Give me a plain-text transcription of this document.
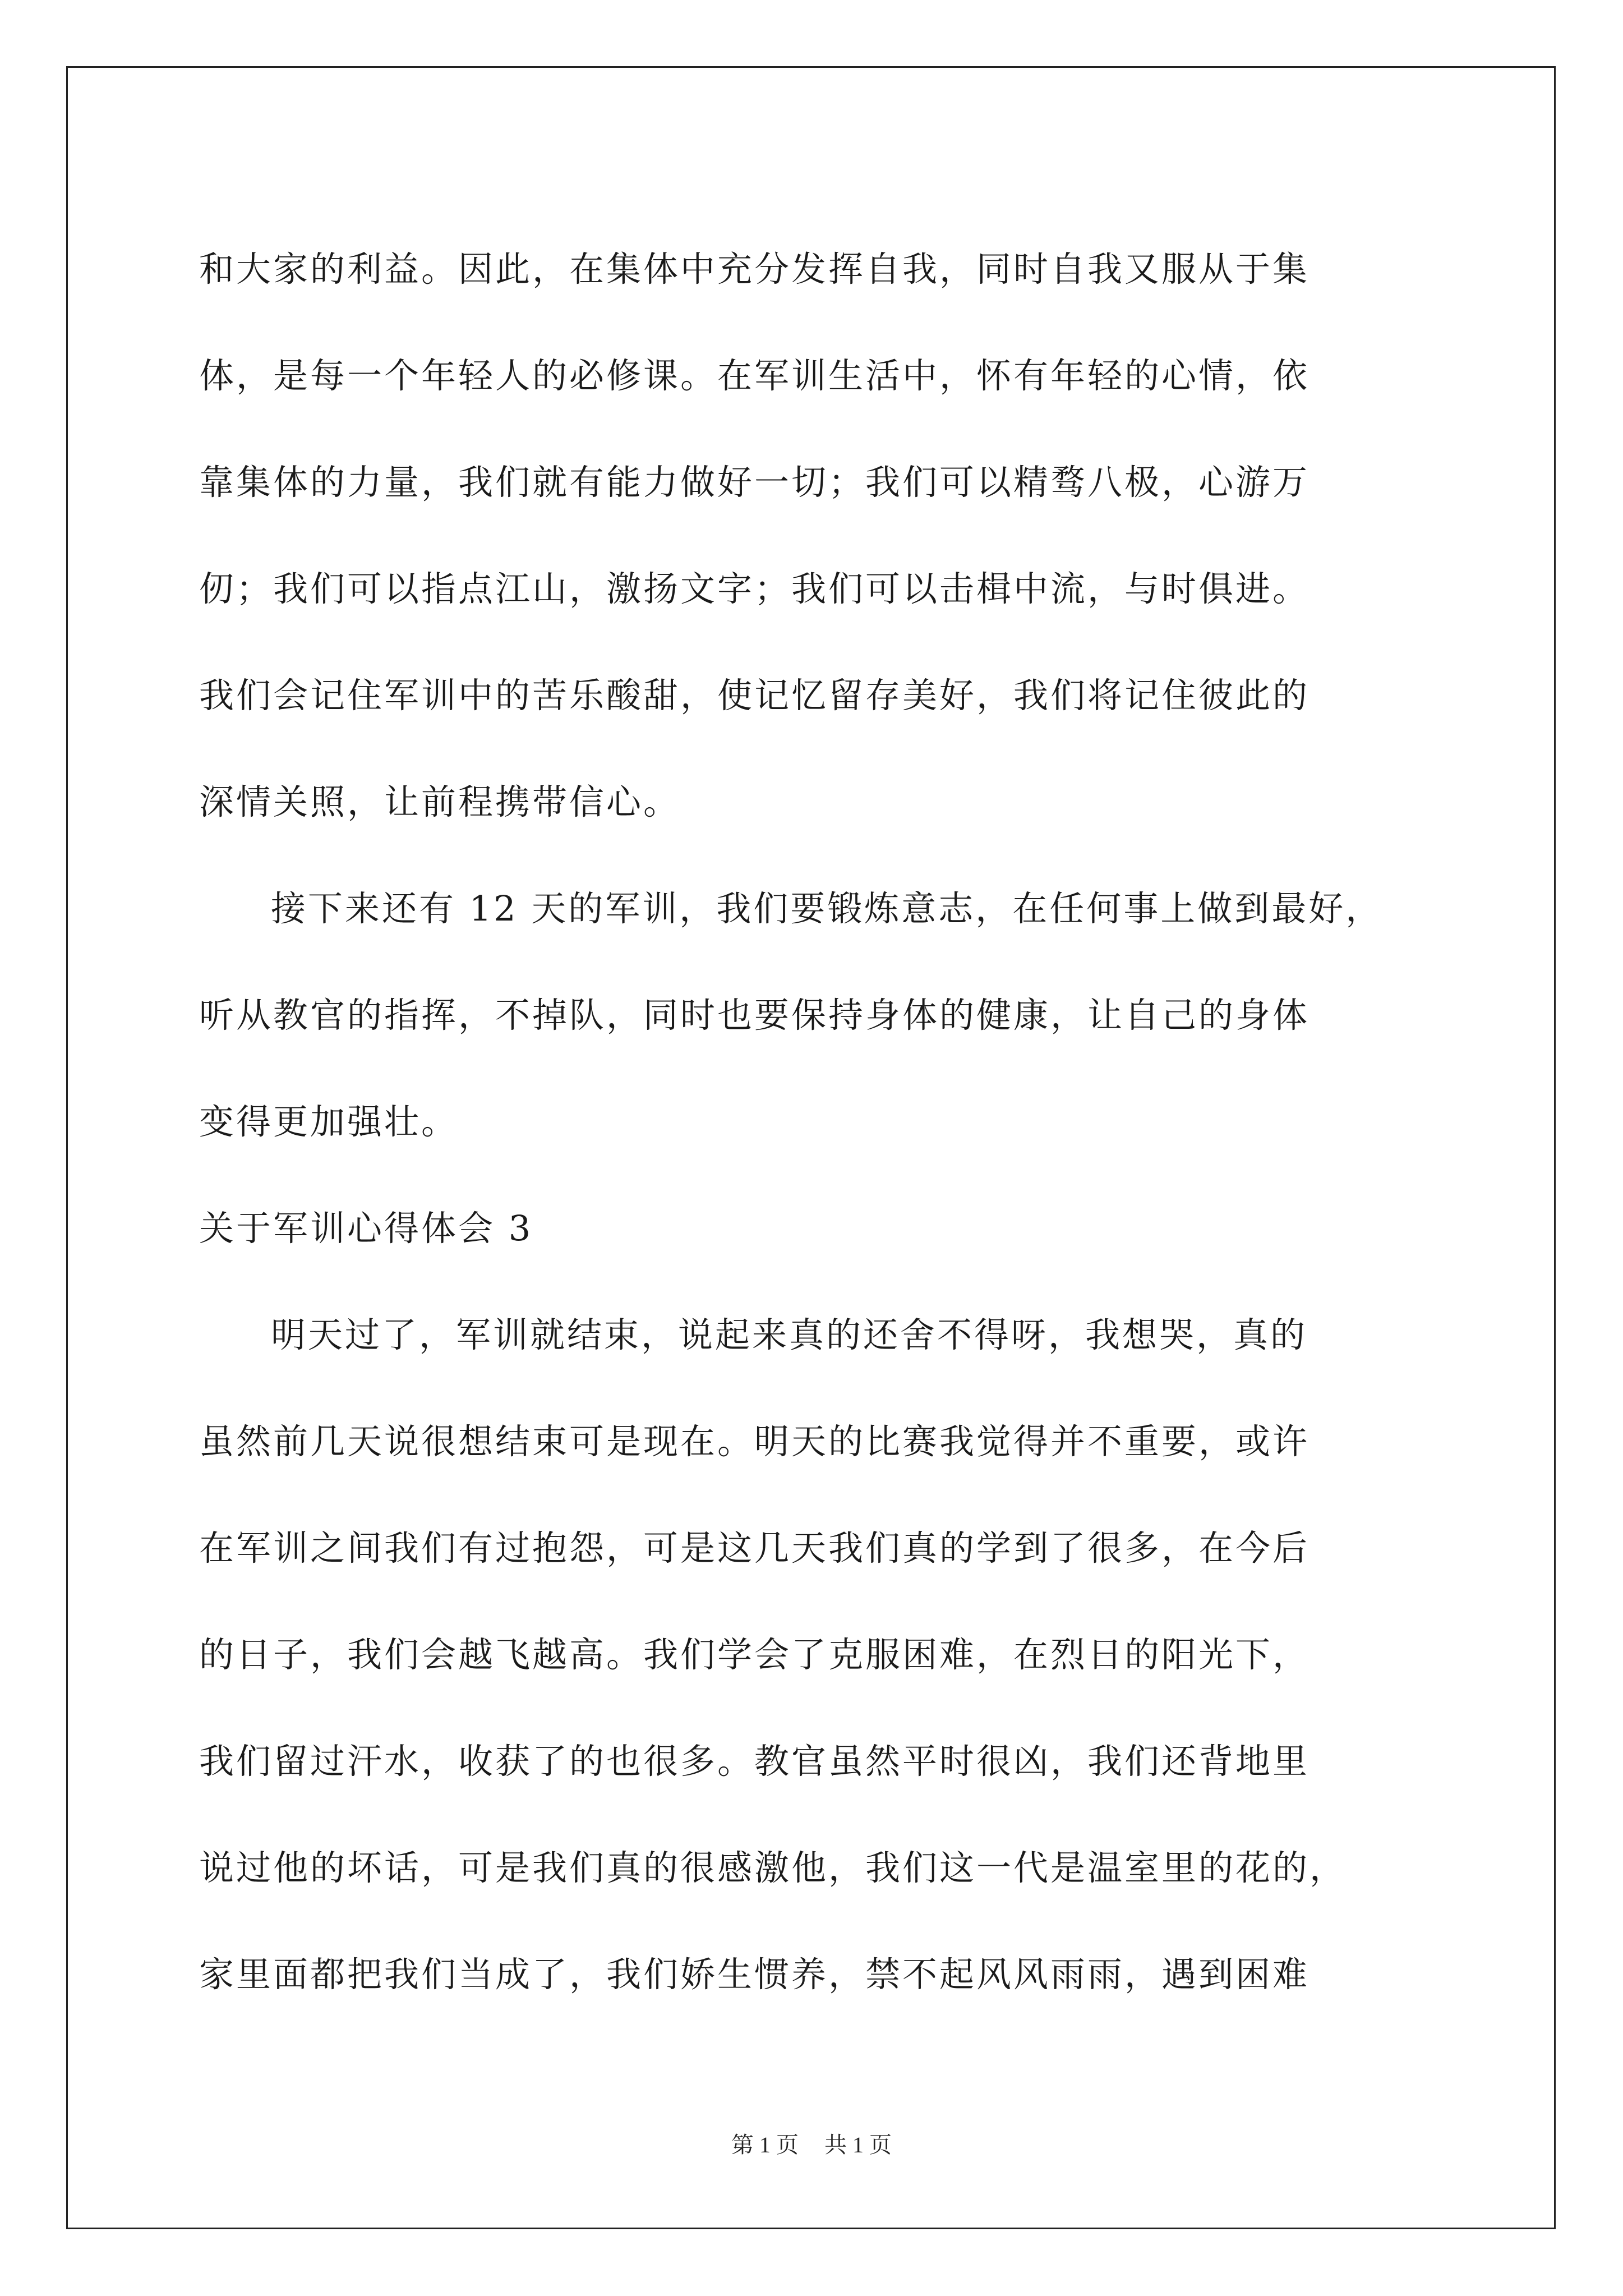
和大家的利益。因此，在集体中充分发挥自我，同时自我又服从于集
体，是每一个年轻人的必修课。在军训生活中，怀有年轻的心情，依
靠集体的力量，我们就有能力做好一切；我们可以精骛八极，心游万
仞；我们可以指点江山，激扬文字；我们可以击楫中流，与时俱进。
我们会记住军训中的苦乐酸甜，使记忆留存美好，我们将记住彼此的
深情关照，让前程携带信心。
接下来还有 12 天的军训，我们要锻炼意志，在任何事上做到最好，
听从教官的指挥，不掉队，同时也要保持身体的健康，让自己的身体
变得更加强壮。
关于军训心得体会 3
明天过了，军训就结束，说起来真的还舍不得呀，我想哭，真的
虽然前几天说很想结束可是现在。明天的比赛我觉得并不重要，或许
在军训之间我们有过抱怨，可是这几天我们真的学到了很多，在今后
的日子，我们会越飞越高。我们学会了克服困难，在烈日的阳光下，
我们留过汗水，收获了的也很多。教官虽然平时很凶，我们还背地里
说过他的坏话，可是我们真的很感激他，我们这一代是温室里的花的，
家里面都把我们当成了，我们娇生惯养，禁不起风风雨雨，遇到困难
第 1 页 共 1 页
